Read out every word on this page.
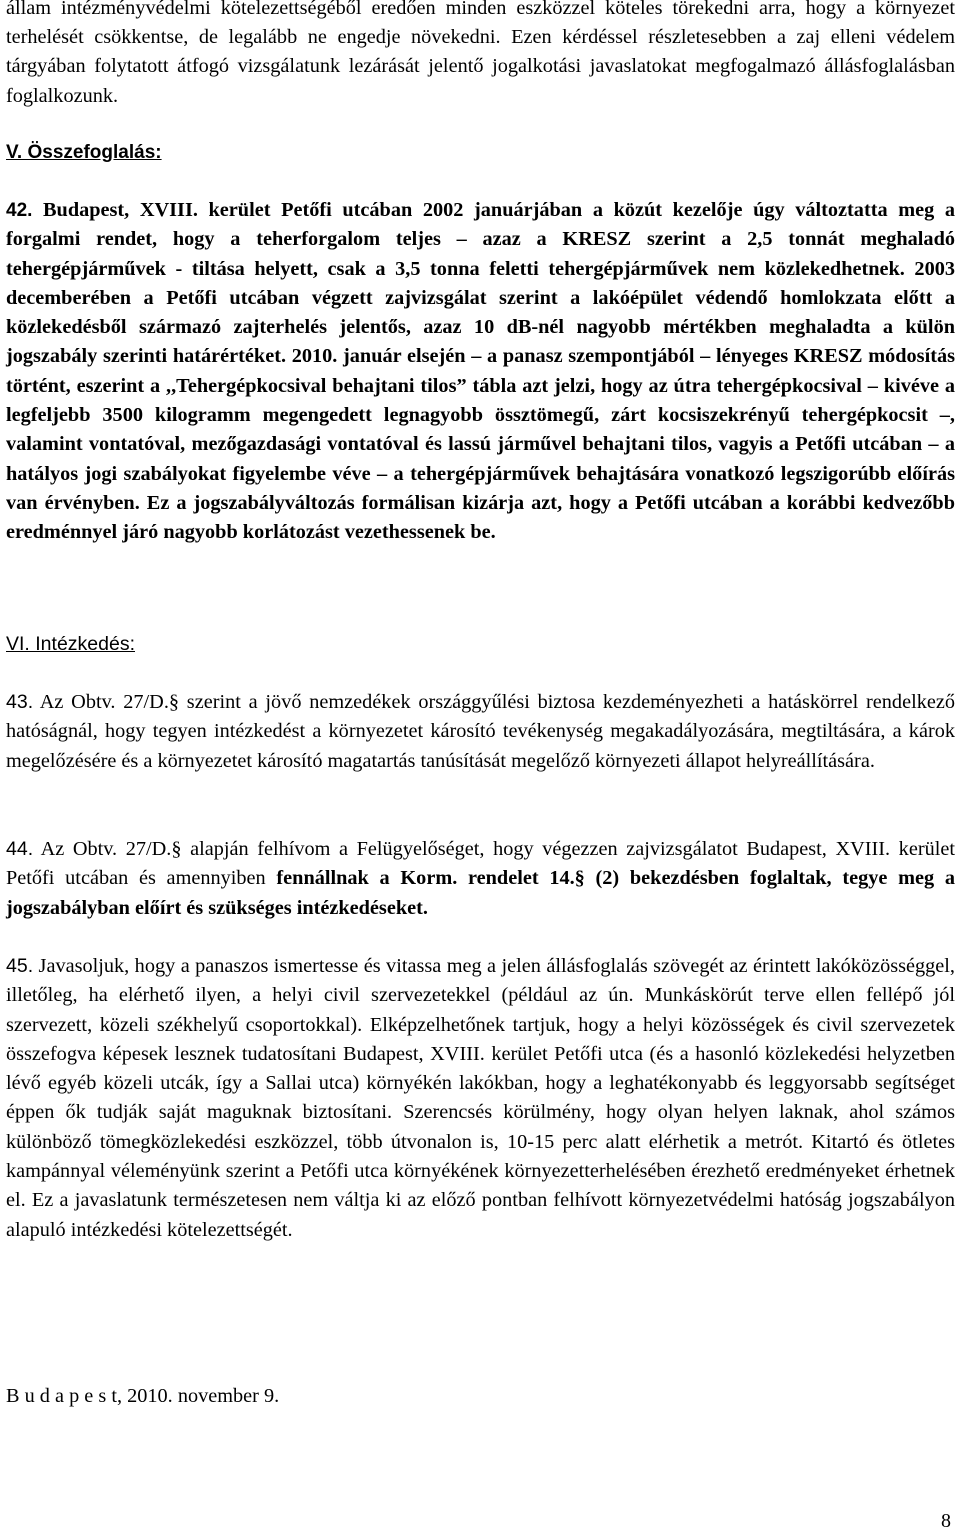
állam intézményvédelmi kötelezettségéből eredően minden eszközzel köteles törekedni arra, hogy a környezet terhelését csökkentse, de legalább ne engedje növekedni. Ezen kérdéssel részletesebben a zaj elleni védelem tárgyában folytatott átfogó vizsgálatunk lezárását jelentő jogalkotási javaslatokat megfogalmazó állásfoglalásban foglalkozunk.

V. Összefoglalás:

42. Budapest, XVIII. kerület Petőfi utcában 2002 januárjában a közút kezelője úgy változtatta meg a forgalmi rendet, hogy a teherforgalom teljes – azaz a KRESZ szerint a 2,5 tonnát meghaladó tehergépjárművek - tiltása helyett, csak a 3,5 tonna feletti tehergépjárművek nem közlekedhetnek. 2003 decemberében a Petőfi utcában végzett zajvizsgálat szerint a lakóépület védendő homlokzata előtt a közlekedésből származó zajterhelés jelentős, azaz 10 dB-nél nagyobb mértékben meghaladta a külön jogszabály szerinti határértéket. 2010. január elsején – a panasz szempontjából – lényeges KRESZ módosítás történt, eszerint a ,,Tehergépkocsival behajtani tilos” tábla azt jelzi, hogy az útra tehergépkocsival – kivéve a legfeljebb 3500 kilogramm megengedett legnagyobb össztömegű, zárt kocsiszekrényű tehergépkocsit –, valamint vontatóval, mezőgazdasági vontatóval és lassú járművel behajtani tilos, vagyis a Petőfi utcában – a hatályos jogi szabályokat figyelembe véve – a tehergépjárművek behajtására vonatkozó legszigorúbb előírás van érvényben. Ez a jogszabályváltozás formálisan kizárja azt, hogy a Petőfi utcában a korábbi kedvezőbb eredménnyel járó nagyobb korlátozást vezethessenek be.

VI. Intézkedés:

43. Az Obtv. 27/D.§ szerint a jövő nemzedékek országgyűlési biztosa kezdeményezheti a hatáskörrel rendelkező hatóságnál, hogy tegyen intézkedést a környezetet károsító tevékenység megakadályozására, megtiltására, a károk megelőzésére és a környezetet károsító magatartás tanúsítását megelőző környezeti állapot helyreállítására.

44. Az Obtv. 27/D.§ alapján felhívom a Felügyelőséget, hogy végezzen zajvizsgálatot Budapest, XVIII. kerület Petőfi utcában és amennyiben fennállnak a Korm. rendelet 14.§ (2) bekezdésben foglaltak, tegye meg a jogszabályban előírt és szükséges intézkedéseket.

45. Javasoljuk, hogy a panaszos ismertesse és vitassa meg a jelen állásfoglalás szövegét az érintett lakóközösséggel, illetőleg, ha elérhető ilyen, a helyi civil szervezetekkel (például az ún. Munkáskörút terve ellen fellépő jól szervezett, közeli székhelyű csoportokkal). Elképzelhetőnek tartjuk, hogy a helyi közösségek és civil szervezetek összefogva képesek lesznek tudatosítani Budapest, XVIII. kerület Petőfi utca (és a hasonló közlekedési helyzetben lévő egyéb közeli utcák, így a Sallai utca) környékén lakókban, hogy a leghatékonyabb és leggyorsabb segítséget éppen ők tudják saját maguknak biztosítani. Szerencsés körülmény, hogy olyan helyen laknak, ahol számos különböző tömegközlekedési eszközzel, több útvonalon is, 10-15 perc alatt elérhetik a metrót. Kitartó és ötletes kampánnyal véleményünk szerint a Petőfi utca környékének környezetterhelésében érezhető eredményeket érhetnek el. Ez a javaslatunk természetesen nem váltja ki az előző pontban felhívott környezetvédelmi hatóság jogszabályon alapuló intézkedési kötelezettségét.

B u d a p e s t, 2010. november 9.
8
